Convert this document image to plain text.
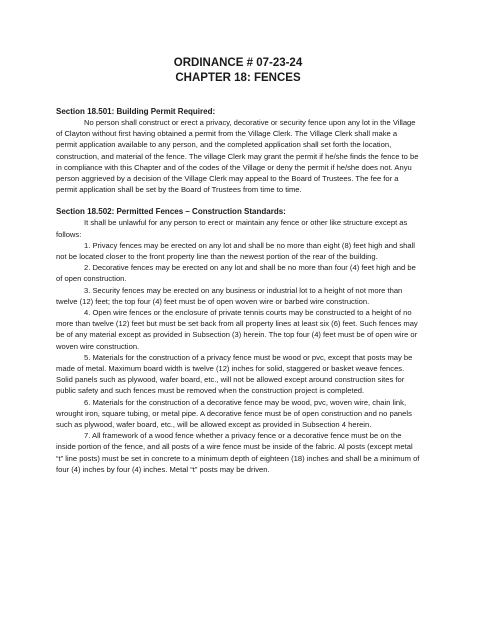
ORDINANCE # 07-23-24

CHAPTER 18: FENCES

Section 18.501: Building Permit Required:

No person shall construct or erect a privacy, decorative or security fence upon any lot in the Village of Clayton without first having obtained a permit from the Village Clerk. The Village Clerk shall make a permit application available to any person, and the completed application shall set forth the location, construction, and material of the fence. The village Clerk may grant the permit if he/she finds the fence to be in compliance with this Chapter and of the codes of the Village or deny the permit if he/she does not. Anyu person aggrieved by a decision of the Village Clerk may appeal to the Board of Trustees. The fee for a permit application shall be set by the Board of Trustees from time to time.

Section 18.502: Permitted Fences – Construction Standards:

It shall be unlawful for any person to erect or maintain any fence or other like structure except as follows:

1. Privacy fences may be erected on any lot and shall be no more than eight (8) feet high and shall not be located closer to the front property line than the newest portion of the rear of the building.

2. Decorative fences may be erected on any lot and shall be no more than four (4) feet high and be of open construction.

3. Security fences may be erected on any business or industrial lot to a height of not more than twelve (12) feet; the top four (4) feet must be of open woven wire or barbed wire construction.

4. Open wire fences or the enclosure of private tennis courts may be constructed to a height of no more than twelve (12) feet but must be set back from all property lines at least six (6) feet. Such fences may be of any material except as provided in Subsection (3) herein. The top four (4) feet must be of open wire or woven wire construction.

5. Materials for the construction of a privacy fence must be wood or pvc, except that posts may be made of metal. Maximum board width is twelve (12) inches for solid, staggered or basket weave fences. Solid panels such as plywood, wafer board, etc., will not be allowed except around construction sites for public safety and such fences must be removed when the construction project is completed.

6. Materials for the construction of a decorative fence may be wood, pvc, woven wire, chain link, wrought iron, square tubing, or metal pipe. A decorative fence must be of open construction and no panels such as plywood, wafer board, etc., will be allowed except as provided in Subsection 4 herein.

7. All framework of a wood fence whether a privacy fence or a decorative fence must be on the inside portion of the fence, and all posts of a wire fence must be inside of the fabric. Al posts (except metal “t” line posts) must be set in concrete to a minimum depth of eighteen (18) inches and shall be a minimum of four (4) inches by four (4) inches. Metal “t” posts may be driven.
